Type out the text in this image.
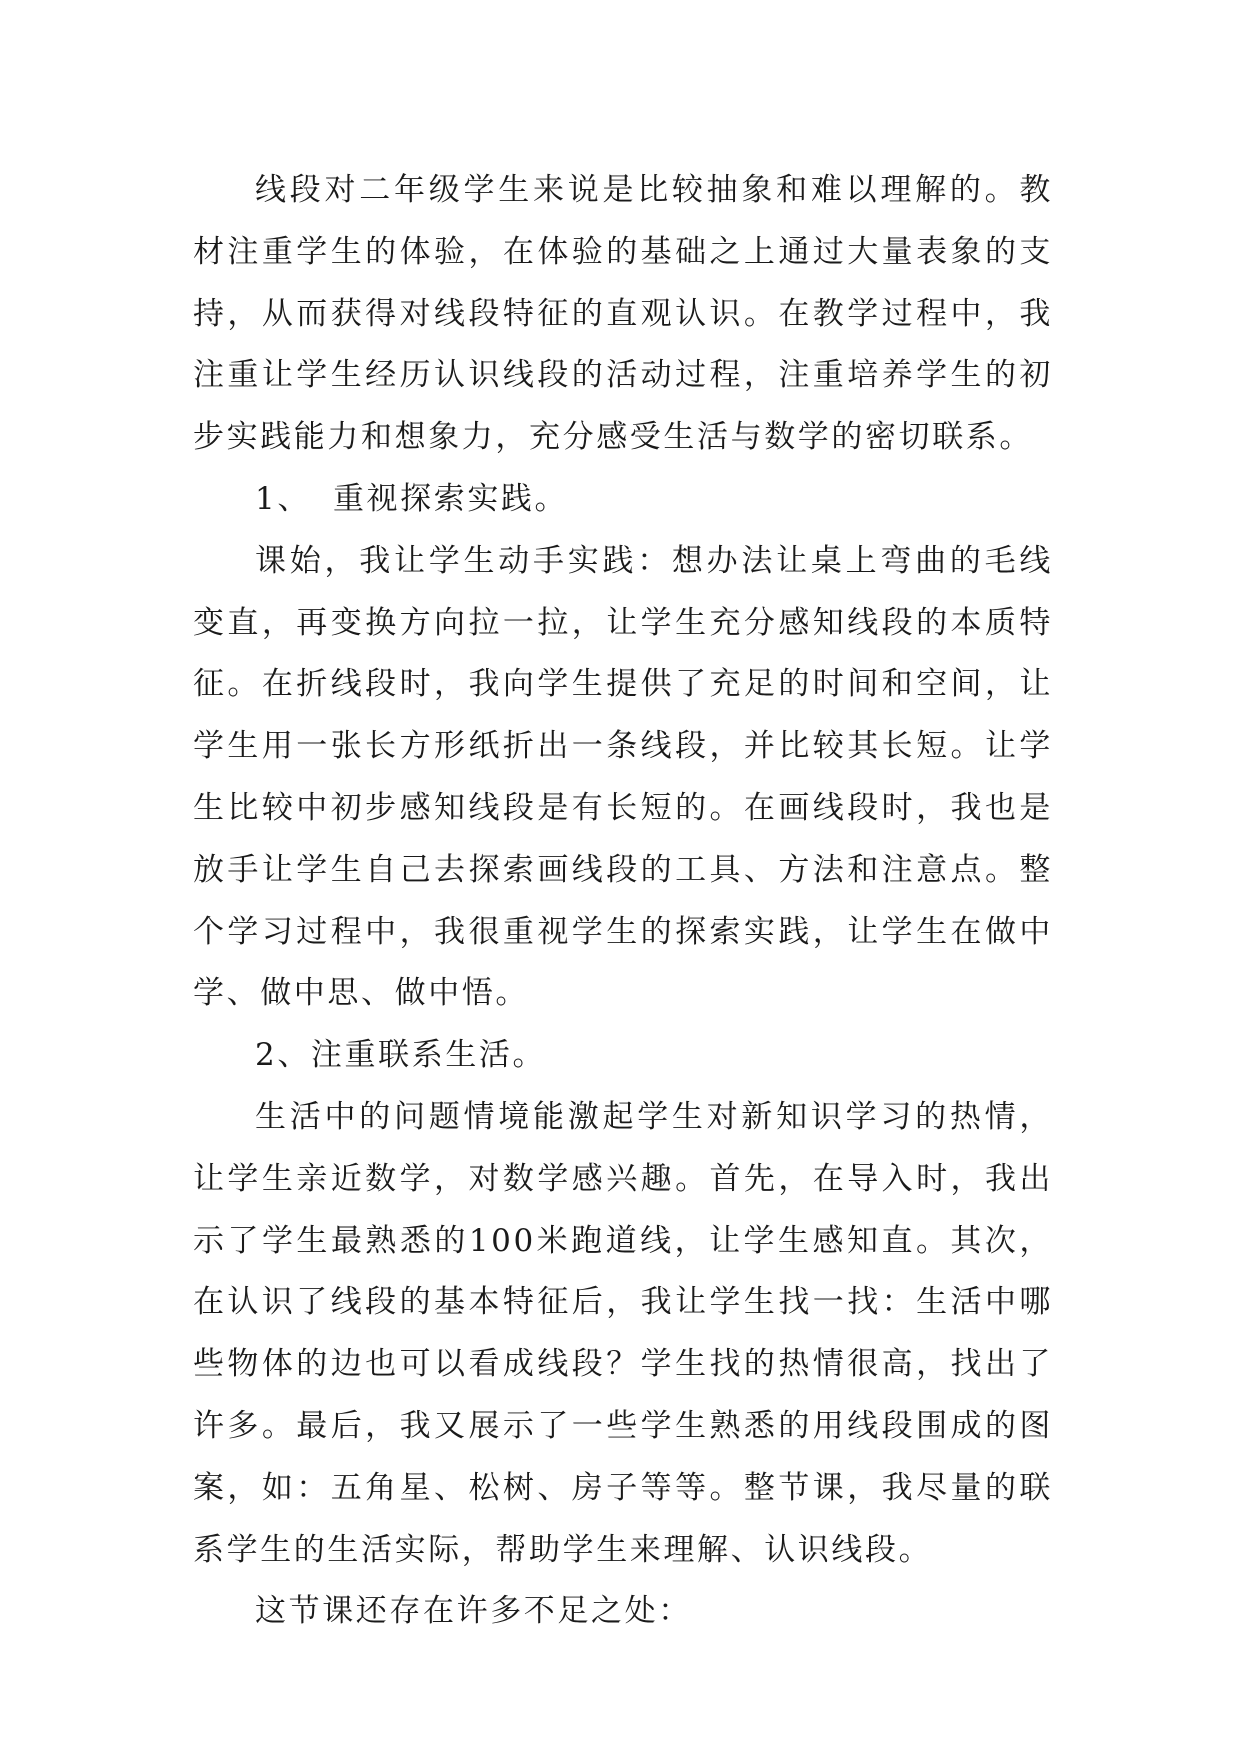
线段对二年级学生来说是比较抽象和难以理解的。教材注重学生的体验，在体验的基础之上通过大量表象的支持，从而获得对线段特征的直观认识。在教学过程中，我注重让学生经历认识线段的活动过程，注重培养学生的初步实践能力和想象力，充分感受生活与数学的密切联系。

1、 重视探索实践。

课始，我让学生动手实践：想办法让桌上弯曲的毛线变直，再变换方向拉一拉，让学生充分感知线段的本质特征。在折线段时，我向学生提供了充足的时间和空间，让学生用一张长方形纸折出一条线段，并比较其长短。让学生比较中初步感知线段是有长短的。在画线段时，我也是放手让学生自己去探索画线段的工具、方法和注意点。整个学习过程中，我很重视学生的探索实践，让学生在做中学、做中思、做中悟。

2、注重联系生活。

生活中的问题情境能激起学生对新知识学习的热情，让学生亲近数学，对数学感兴趣。首先，在导入时，我出示了学生最熟悉的100米跑道线，让学生感知直。其次，在认识了线段的基本特征后，我让学生找一找：生活中哪些物体的边也可以看成线段？学生找的热情很高，找出了许多。最后，我又展示了一些学生熟悉的用线段围成的图案，如：五角星、松树、房子等等。整节课，我尽量的联系学生的生活实际，帮助学生来理解、认识线段。

这节课还存在许多不足之处：
